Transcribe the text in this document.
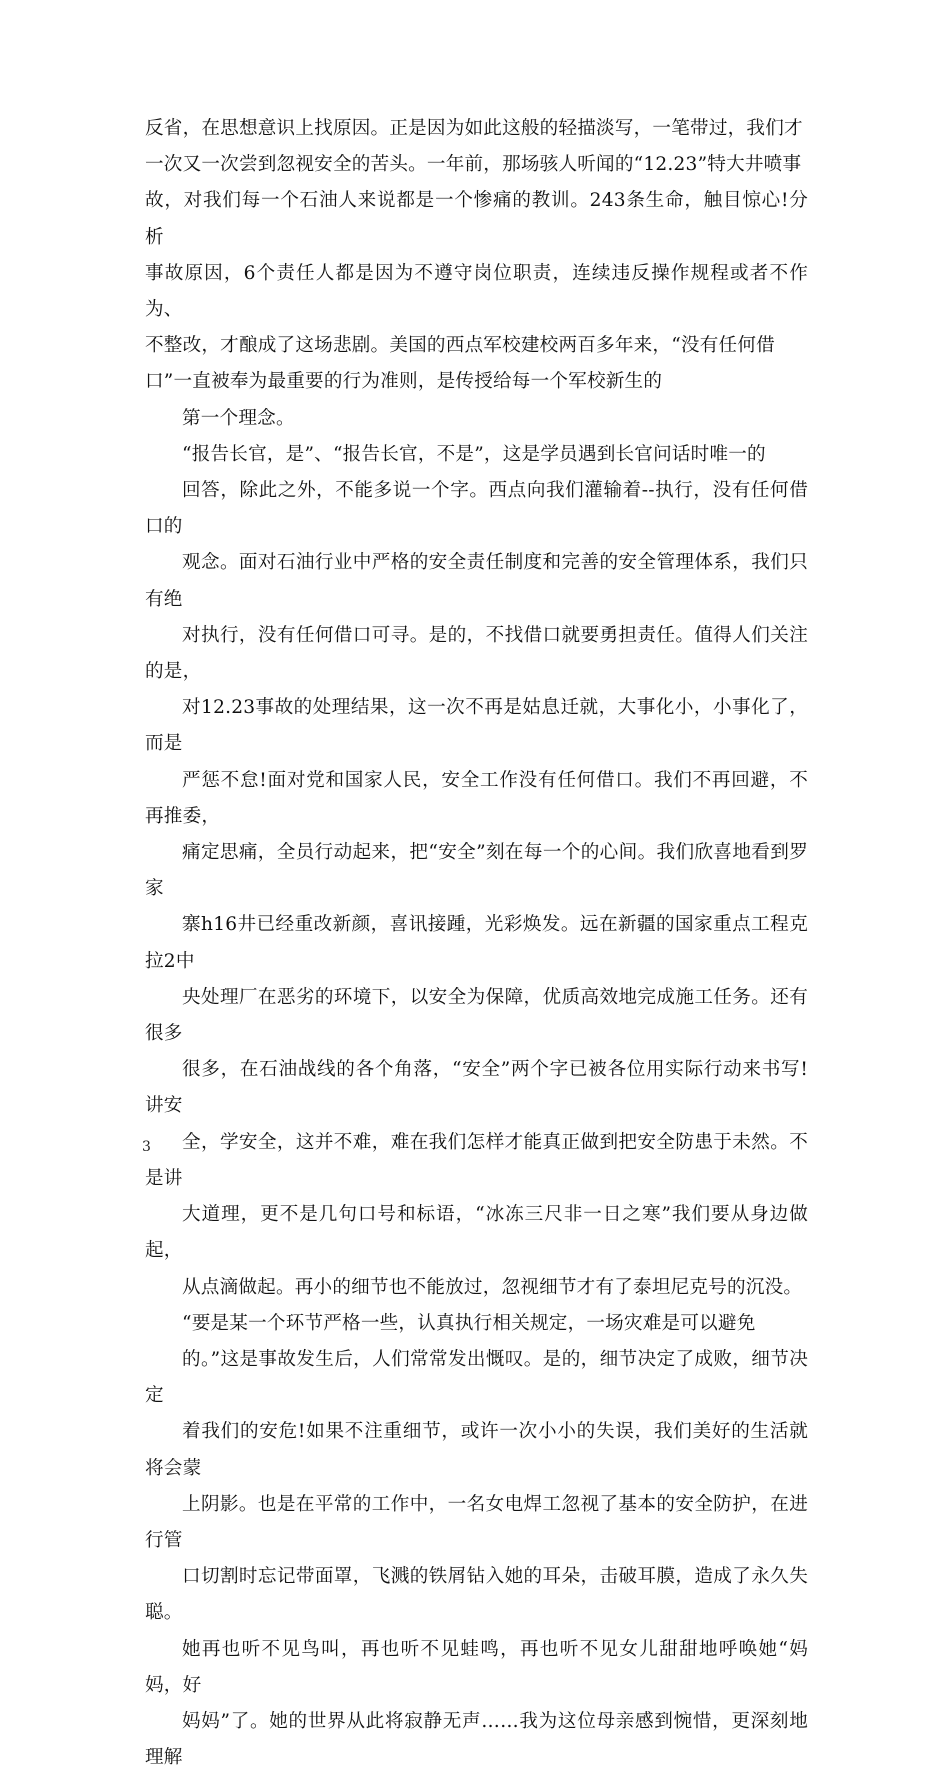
反省，在思想意识上找原因。正是因为如此这般的轻描淡写，一笔带过，我们才
一次又一次尝到忽视安全的苦头。一年前，那场骇人听闻的“12.23”特大井喷事
故，对我们每一个石油人来说都是一个惨痛的教训。243条生命，触目惊心!分析
事故原因，6个责任人都是因为不遵守岗位职责，连续违反操作规程或者不作为、
不整改，才酿成了这场悲剧。美国的西点军校建校两百多年来，“没有任何借
口”一直被奉为最重要的行为准则，是传授给每一个军校新生的
第一个理念。
“报告长官，是”、“报告长官，不是”，这是学员遇到长官问话时唯一的
回答，除此之外，不能多说一个字。西点向我们灌输着--执行，没有任何借口的
观念。面对石油行业中严格的安全责任制度和完善的安全管理体系，我们只有绝
对执行，没有任何借口可寻。是的，不找借口就要勇担责任。值得人们关注的是，
对12.23事故的处理结果，这一次不再是姑息迁就，大事化小，小事化了，而是
严惩不怠!面对党和国家人民，安全工作没有任何借口。我们不再回避，不再推委，
痛定思痛，全员行动起来，把“安全”刻在每一个的心间。我们欣喜地看到罗家
寨h16井已经重改新颜，喜讯接踵，光彩焕发。远在新疆的国家重点工程克拉2中
央处理厂在恶劣的环境下，以安全为保障，优质高效地完成施工任务。还有很多
很多，在石油战线的各个角落，“安全”两个字已被各位用实际行动来书写!讲安
全，学安全，这并不难，难在我们怎样才能真正做到把安全防患于未然。不是讲
大道理，更不是几句口号和标语，“冰冻三尺非一日之寒”我们要从身边做起，
从点滴做起。再小的细节也不能放过，忽视细节才有了泰坦尼克号的沉没。
“要是某一个环节严格一些，认真执行相关规定，一场灾难是可以避免
的。”这是事故发生后，人们常常发出慨叹。是的，细节决定了成败，细节决定
着我们的安危!如果不注重细节，或许一次小小的失误，我们美好的生活就将会蒙
上阴影。也是在平常的工作中，一名女电焊工忽视了基本的安全防护，在进行管
口切割时忘记带面罩，飞溅的铁屑钻入她的耳朵，击破耳膜，造成了永久失聪。
她再也听不见鸟叫，再也听不见蛙鸣，再也听不见女儿甜甜地呼唤她“妈妈，好
妈妈”了。她的世界从此将寂静无声……我为这位母亲感到惋惜，更深刻地理解
3
